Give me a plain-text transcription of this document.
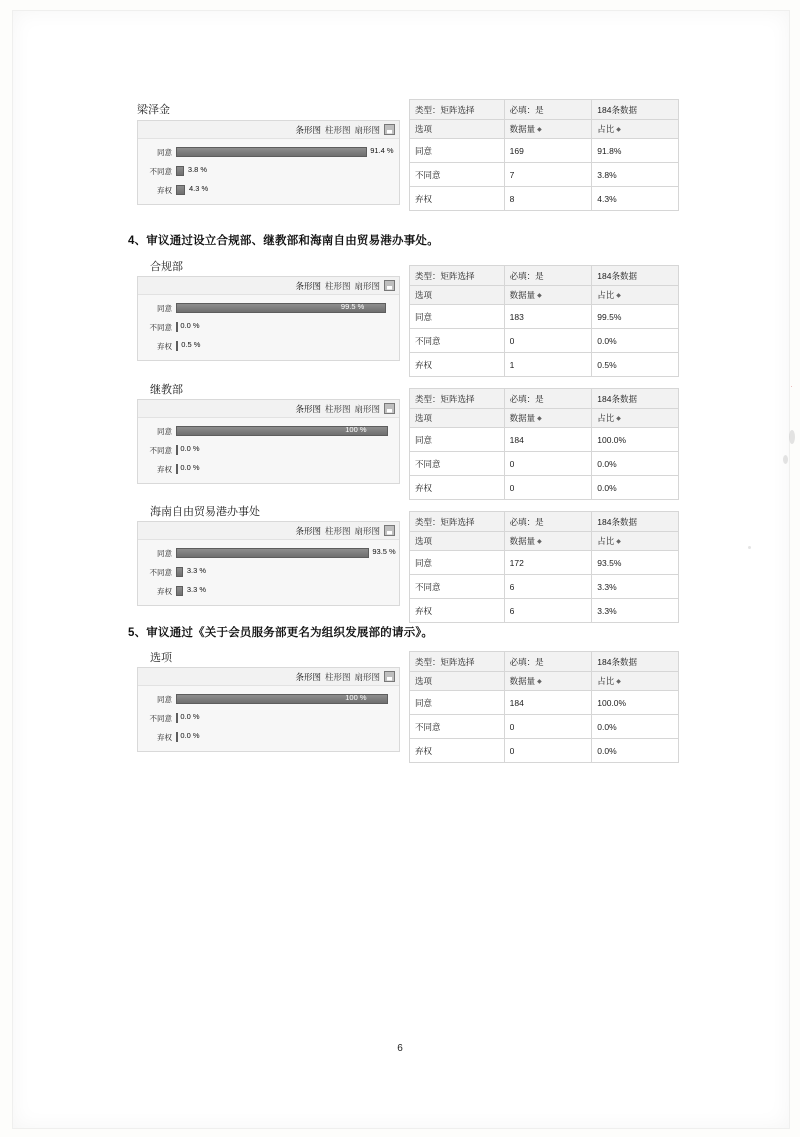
梁泽金
条形图 柱形图 扇形图
同意	91.4 %
不同意	3.8 %
弃权	4.3 %
类型：矩阵选择	必填：是	184条数据
选项	数据量 ◆	占比 ◆
同意	169	91.8%
不同意	7	3.8%
弃权	8	4.3%
4、审议通过设立合规部、继教部和海南自由贸易港办事处。
合规部
条形图 柱形图 扇形图
同意	99.5 %
不同意	0.0 %
弃权	0.5 %
类型：矩阵选择	必填：是	184条数据
选项	数据量 ◆	占比 ◆
同意	183	99.5%
不同意	0	0.0%
弃权	1	0.5%
继教部
条形图 柱形图 扇形图
同意	100 %
不同意	0.0 %
弃权	0.0 %
类型：矩阵选择	必填：是	184条数据
选项	数据量 ◆	占比 ◆
同意	184	100.0%
不同意	0	0.0%
弃权	0	0.0%
海南自由贸易港办事处
条形图 柱形图 扇形图
同意	93.5 %
不同意	3.3 %
弃权	3.3 %
类型：矩阵选择	必填：是	184条数据
选项	数据量 ◆	占比 ◆
同意	172	93.5%
不同意	6	3.3%
弃权	6	3.3%
5、审议通过《关于会员服务部更名为组织发展部的请示》。
选项
条形图 柱形图 扇形图
同意	100 %
不同意	0.0 %
弃权	0.0 %
类型：矩阵选择	必填：是	184条数据
选项	数据量 ◆	占比 ◆
同意	184	100.0%
不同意	0	0.0%
弃权	0	0.0%
6
·
